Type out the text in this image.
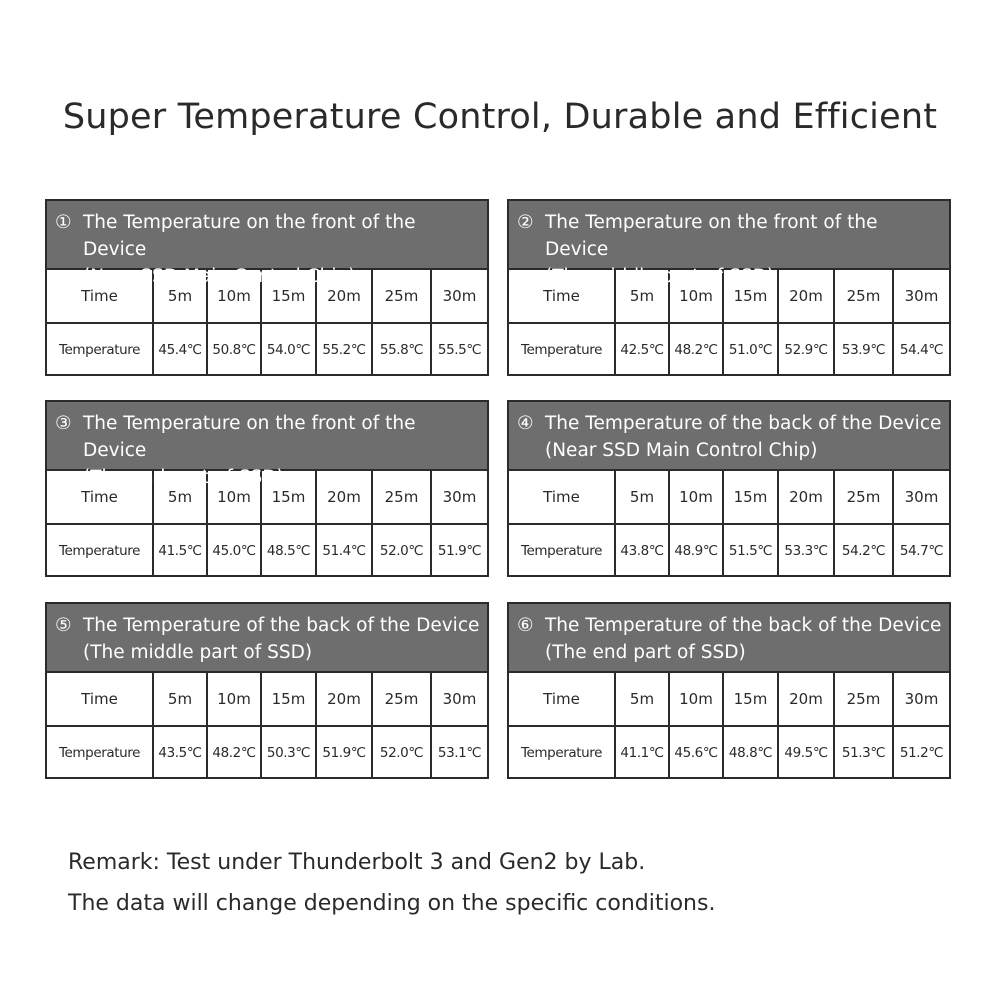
Super Temperature Control, Durable and Efficient
① The Temperature on the front of the Device
(Near SSD Main Control Chip)
Time	5m	10m	15m	20m	25m	30m
Temperature	45.4℃	50.8℃	54.0℃	55.2℃	55.8℃	55.5℃
② The Temperature on the front of the Device
(The middle part of SSD)
Time	5m	10m	15m	20m	25m	30m
Temperature	42.5℃	48.2℃	51.0℃	52.9℃	53.9℃	54.4℃
③ The Temperature on the front of the Device
(The end part of SSD)
Time	5m	10m	15m	20m	25m	30m
Temperature	41.5℃	45.0℃	48.5℃	51.4℃	52.0℃	51.9℃
④ The Temperature of the back of the Device
(Near SSD Main Control Chip)
Time	5m	10m	15m	20m	25m	30m
Temperature	43.8℃	48.9℃	51.5℃	53.3℃	54.2℃	54.7℃
⑤ The Temperature of the back of the Device
(The middle part of SSD)
Time	5m	10m	15m	20m	25m	30m
Temperature	43.5℃	48.2℃	50.3℃	51.9℃	52.0℃	53.1℃
⑥ The Temperature of the back of the Device
(The end part of SSD)
Time	5m	10m	15m	20m	25m	30m
Temperature	41.1℃	45.6℃	48.8℃	49.5℃	51.3℃	51.2℃
Remark: Test under Thunderbolt 3 and Gen2 by Lab.
The data will change depending on the specific conditions.
